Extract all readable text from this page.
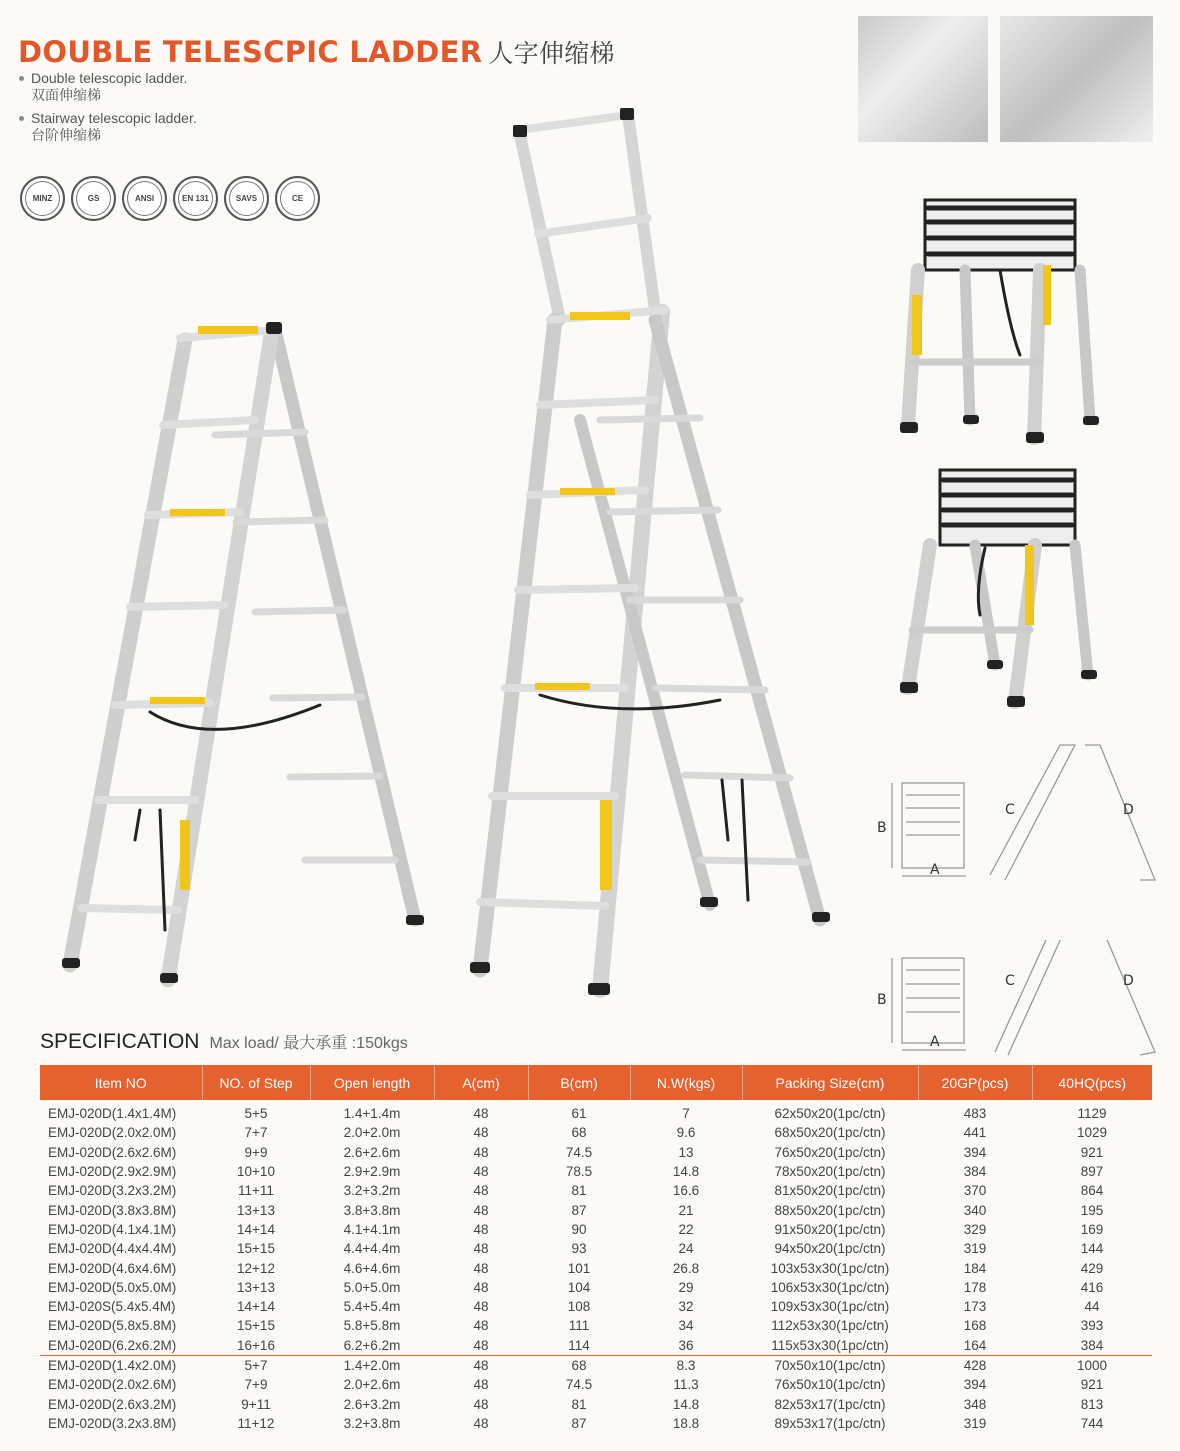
DOUBLE TELESCPIC LADDER 人字伸缩梯
Double telescopic ladder.
双面伸缩梯
Stairway telescopic ladder.
台阶伸缩梯
MINZ	GS	ANSI	EN 131	SAVS	CE
B
A
C	D
B
A
C	D
SPECIFICATION Max load/ 最大承重 :150kgs
Item NO	NO. of Step	Open length	A(cm)	B(cm)	N.W(kgs)	Packing Size(cm)	20GP(pcs)	40HQ(pcs)
EMJ-020D(1.4x1.4M)	5+5	1.4+1.4m	48	61	7	62x50x20(1pc/ctn)	483	1129
EMJ-020D(2.0x2.0M)	7+7	2.0+2.0m	48	68	9.6	68x50x20(1pc/ctn)	441	1029
EMJ-020D(2.6x2.6M)	9+9	2.6+2.6m	48	74.5	13	76x50x20(1pc/ctn)	394	921
EMJ-020D(2.9x2.9M)	10+10	2.9+2.9m	48	78.5	14.8	78x50x20(1pc/ctn)	384	897
EMJ-020D(3.2x3.2M)	11+11	3.2+3.2m	48	81	16.6	81x50x20(1pc/ctn)	370	864
EMJ-020D(3.8x3.8M)	13+13	3.8+3.8m	48	87	21	88x50x20(1pc/ctn)	340	195
EMJ-020D(4.1x4.1M)	14+14	4.1+4.1m	48	90	22	91x50x20(1pc/ctn)	329	169
EMJ-020D(4.4x4.4M)	15+15	4.4+4.4m	48	93	24	94x50x20(1pc/ctn)	319	144
EMJ-020D(4.6x4.6M)	12+12	4.6+4.6m	48	101	26.8	103x53x30(1pc/ctn)	184	429
EMJ-020D(5.0x5.0M)	13+13	5.0+5.0m	48	104	29	106x53x30(1pc/ctn)	178	416
EMJ-020S(5.4x5.4M)	14+14	5.4+5.4m	48	108	32	109x53x30(1pc/ctn)	173	44
EMJ-020D(5.8x5.8M)	15+15	5.8+5.8m	48	111	34	112x53x30(1pc/ctn)	168	393
EMJ-020D(6.2x6.2M)	16+16	6.2+6.2m	48	114	36	115x53x30(1pc/ctn)	164	384
EMJ-020D(1.4x2.0M)	5+7	1.4+2.0m	48	68	8.3	70x50x10(1pc/ctn)	428	1000
EMJ-020D(2.0x2.6M)	7+9	2.0+2.6m	48	74.5	11.3	76x50x10(1pc/ctn)	394	921
EMJ-020D(2.6x3.2M)	9+11	2.6+3.2m	48	81	14.8	82x53x17(1pc/ctn)	348	813
EMJ-020D(3.2x3.8M)	11+12	3.2+3.8m	48	87	18.8	89x53x17(1pc/ctn)	319	744
